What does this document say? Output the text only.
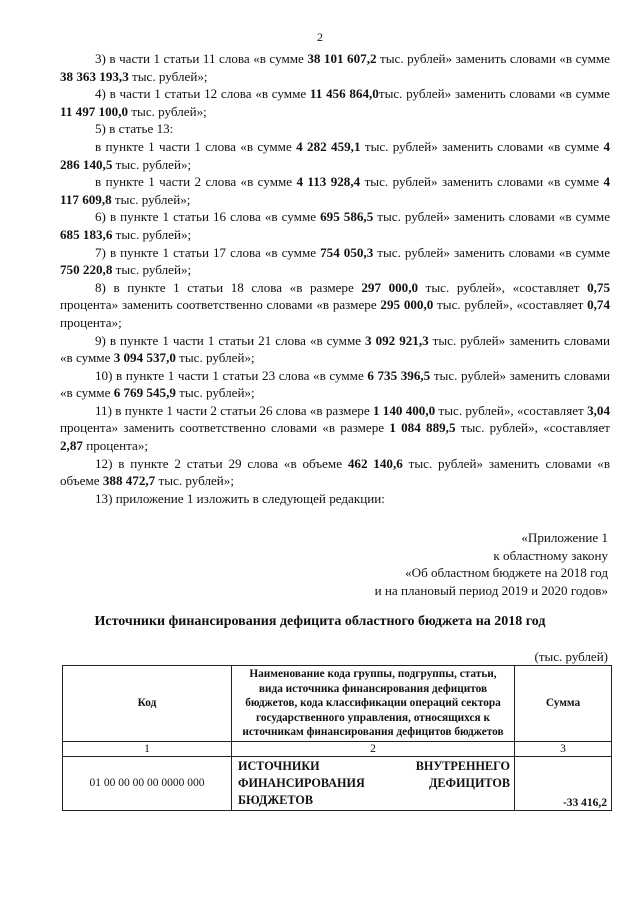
2

3) в части 1 статьи 11 слова «в сумме 38 101 607,2 тыс. рублей» заменить словами «в сумме 38 363 193,3 тыс. рублей»;

4) в части 1 статьи 12 слова «в сумме 11 456 864,0тыс. рублей» заменить словами «в сумме 11 497 100,0 тыс. рублей»;

5) в статье 13:

в пункте 1 части 1 слова «в сумме 4 282 459,1 тыс. рублей» заменить словами «в сумме 4 286 140,5 тыс. рублей»;

в пункте 1 части 2 слова «в сумме 4 113 928,4 тыс. рублей» заменить словами «в сумме 4 117 609,8 тыс. рублей»;

6) в пункте 1 статьи 16 слова «в сумме 695 586,5 тыс. рублей» заменить словами «в сумме 685 183,6 тыс. рублей»;

7) в пункте 1 статьи 17 слова «в сумме 754 050,3 тыс. рублей» заменить словами «в сумме 750 220,8 тыс. рублей»;

8) в пункте 1 статьи 18 слова «в размере 297 000,0 тыс. рублей», «составляет 0,75 процента» заменить соответственно словами «в размере 295 000,0 тыс. рублей», «составляет 0,74 процента»;

9) в пункте 1 части 1 статьи 21 слова «в сумме 3 092 921,3 тыс. рублей» заменить словами «в сумме 3 094 537,0 тыс. рублей»;

10) в пункте 1 части 1 статьи 23 слова «в сумме 6 735 396,5 тыс. рублей» заменить словами «в сумме 6 769 545,9 тыс. рублей»;

11) в пункте 1 части 2 статьи 26 слова «в размере 1 140 400,0 тыс. рублей», «составляет 3,04 процента» заменить соответственно словами «в размере 1 084 889,5 тыс. рублей», «составляет 2,87 процента»;

12) в пункте 2 статьи 29 слова «в объеме 462 140,6 тыс. рублей» заменить словами «в объеме 388 472,7 тыс. рублей»;

13) приложение 1 изложить в следующей редакции:

«Приложение 1
к областному закону
«Об областном бюджете на 2018 год
и на плановый период 2019 и 2020 годов»
Источники финансирования дефицита областного бюджета на 2018 год
(тыс. рублей)
Код	Наименование кода группы, подгруппы, статьи, вида источника финансирования дефицитов бюджетов, кода классификации операций сектора государственного управления, относящихся к источникам финансирования дефицитов бюджетов	Сумма
1	2	3
01 00 00 00 00 0000 000	ИСТОЧНИКИ ВНУТРЕННЕГО ФИНАНСИРОВАНИЯ ДЕФИЦИТОВ БЮДЖЕТОВ	-33 416,2
